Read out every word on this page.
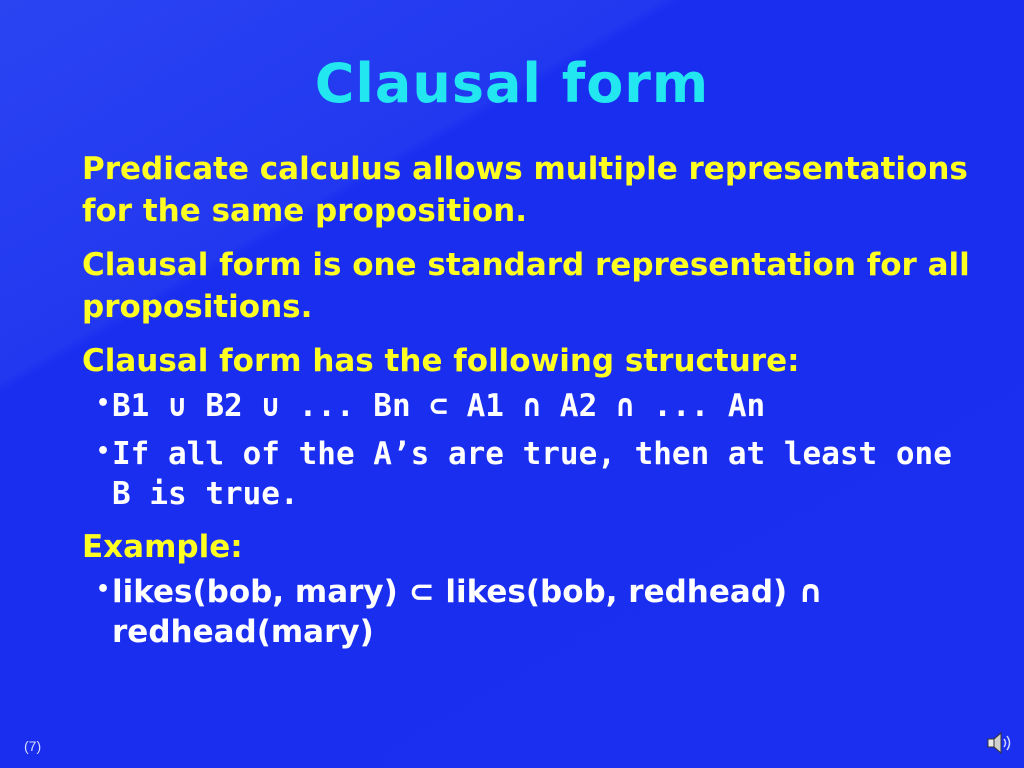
Clausal form

Predicate calculus allows multiple representations for the same proposition.

Clausal form is one standard representation for all propositions.

Clausal form has the following structure:

• B1 ∪ B2 ∪ ... Bn ⊂ A1 ∩ A2 ∩ ... An
• If all of the A’s are true, then at least one B is true.

Example:

• likes(bob, mary) ⊂ likes(bob, redhead) ∩ redhead(mary)
(7)
